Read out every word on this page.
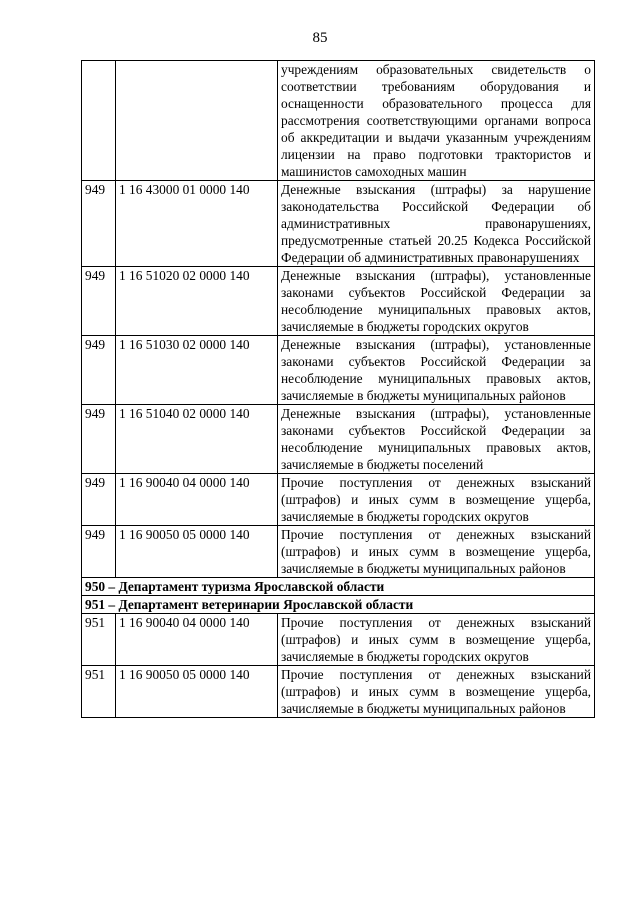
85
		учреждениям образовательных свидетельств о соответствии требованиям оборудования и оснащенности образовательного процесса для рассмотрения соответствующими органами вопроса об аккредитации и выдачи указанным учреждениям лицензии на право подготовки трактористов и машинистов самоходных машин
949	1 16 43000 01 0000 140	Денежные взыскания (штрафы) за нарушение законодательства Российской Федерации об административных правонарушениях, предусмотренные статьей 20.25 Кодекса Российской Федерации об административных правонарушениях
949	1 16 51020 02 0000 140	Денежные взыскания (штрафы), установленные законами субъектов Российской Федерации за несоблюдение муниципальных правовых актов, зачисляемые в бюджеты городских округов
949	1 16 51030 02 0000 140	Денежные взыскания (штрафы), установленные законами субъектов Российской Федерации за несоблюдение муниципальных правовых актов, зачисляемые в бюджеты муниципальных районов
949	1 16 51040 02 0000 140	Денежные взыскания (штрафы), установленные законами субъектов Российской Федерации за несоблюдение муниципальных правовых актов, зачисляемые в бюджеты поселений
949	1 16 90040 04 0000 140	Прочие поступления от денежных взысканий (штрафов) и иных сумм в возмещение ущерба, зачисляемые в бюджеты городских округов
949	1 16 90050 05 0000 140	Прочие поступления от денежных взысканий (штрафов) и иных сумм в возмещение ущерба, зачисляемые в бюджеты муниципальных районов
950 – Департамент туризма Ярославской области		
951 – Департамент ветеринарии Ярославской области		
951	1 16 90040 04 0000 140	Прочие поступления от денежных взысканий (штрафов) и иных сумм в возмещение ущерба, зачисляемые в бюджеты городских округов
951	1 16 90050 05 0000 140	Прочие поступления от денежных взысканий (штрафов) и иных сумм в возмещение ущерба, зачисляемые в бюджеты муниципальных районов
